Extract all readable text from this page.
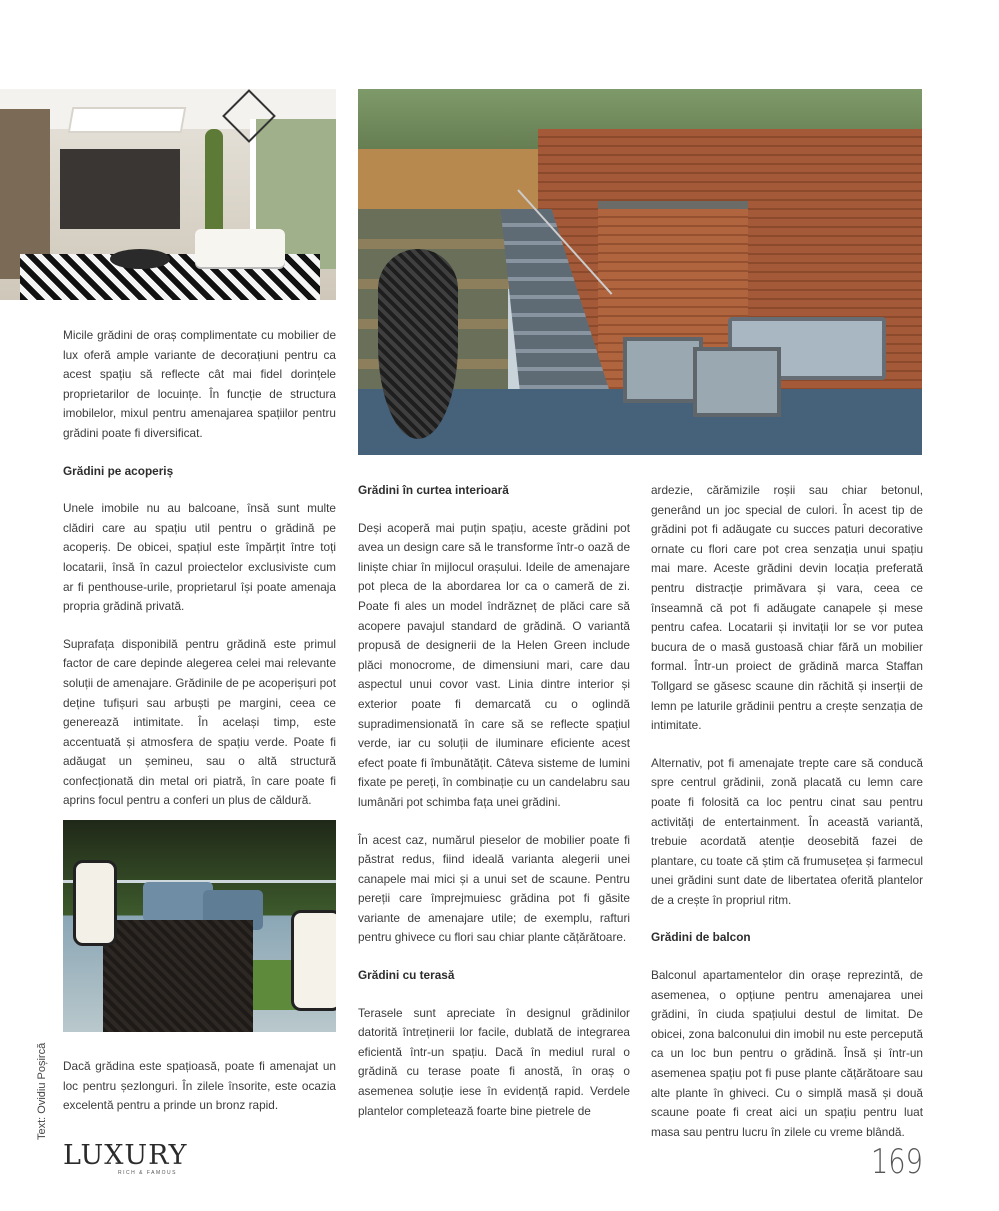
Micile grădini de oraș complimentate cu mobilier de lux oferă ample variante de decorațiuni pentru ca acest spațiu să reflecte cât mai fidel dorințele proprietarilor de locuințe. În funcție de structura imobilelor, mixul pentru amenajarea spațiilor pentru grădini poate fi diversificat.

Grădini pe acoperiș

Unele imobile nu au balcoane, însă sunt multe clădiri care au spațiu util pentru o grădină pe acoperiș. De obicei, spațiul este împărțit între toți locatarii, însă în cazul proiectelor exclusiviste cum ar fi penthouse-urile, proprietarul își poate amenaja propria grădină privată.

Suprafața disponibilă pentru grădină este primul factor de care depinde alegerea celei mai relevante soluții de amenajare. Grădinile de pe acoperișuri pot deține tufișuri sau arbuști pe margini, ceea ce generează intimitate. În același timp, este accentuată și atmosfera de spațiu verde. Poate fi adăugat un șemineu, sau o altă structură confecționată din metal ori piatră, în care poate fi aprins focul pentru a conferi un plus de căldură.

Dacă grădina este spațioasă, poate fi amenajat un loc pentru șezlonguri. În zilele însorite, este ocazia excelentă pentru a prinde un bronz rapid.

Grădini în curtea interioară

Deși acoperă mai puțin spațiu, aceste grădini pot avea un design care să le transforme într-o oază de liniște chiar în mijlocul orașului. Ideile de amenajare pot pleca de la abordarea lor ca o cameră de zi. Poate fi ales un model îndrăzneț de plăci care să acopere pavajul standard de grădină. O variantă propusă de designerii de la Helen Green include plăci monocrome, de dimensiuni mari, care dau aspectul unui covor vast. Linia dintre interior și exterior poate fi demarcată cu o oglindă supradimensionată în care să se reflecte spațiul verde, iar cu soluții de iluminare eficiente acest efect poate fi îmbunătățit. Câteva sisteme de lumini fixate pe pereți, în combinație cu un candelabru sau lumânări pot schimba fața unei grădini.

În acest caz, numărul pieselor de mobilier poate fi păstrat redus, fiind ideală varianta alegerii unei canapele mai mici și a unui set de scaune. Pentru pereții care împrejmuiesc grădina pot fi găsite variante de amenajare utile; de exemplu, rafturi pentru ghivece cu flori sau chiar plante cățărătoare.

Grădini cu terasă

Terasele sunt apreciate în designul grădinilor datorită întreținerii lor facile, dublată de integrarea eficientă într-un spațiu. Dacă în mediul rural o grădină cu terase poate fi anostă, în oraș o asemenea soluție iese în evidență rapid. Verdele plantelor completează foarte bine pietrele de

ardezie, cărămizile roșii sau chiar betonul, generând un joc special de culori. În acest tip de grădini pot fi adăugate cu succes paturi decorative ornate cu flori care pot crea senzația unui spațiu mai mare. Aceste grădini devin locația preferată pentru distracție primăvara și vara, ceea ce înseamnă că pot fi adăugate canapele și mese pentru cafea. Locatarii și invitații lor se vor putea bucura de o masă gustoasă chiar fără un mobilier formal. Într-un proiect de grădină marca Staffan Tollgard se găsesc scaune din răchită și inserții de lemn pe laturile grădinii pentru a crește senzația de intimitate.

Alternativ, pot fi amenajate trepte care să conducă spre centrul grădinii, zonă placată cu lemn care poate fi folosită ca loc pentru cinat sau pentru activități de entertainment. În această variantă, trebuie acordată atenție deosebită fazei de plantare, cu toate că știm că frumusețea și farmecul unei grădini sunt date de libertatea oferită plantelor de a crește în propriul ritm.

Grădini de balcon

Balconul apartamentelor din orașe reprezintă, de asemenea, o opțiune pentru amenajarea unei grădini, în ciuda spațiului destul de limitat. De obicei, zona balconului din imobil nu este percepută ca un loc bun pentru o grădină. Însă și într-un asemenea spațiu pot fi puse plante cățărătoare sau alte plante în ghiveci. Cu o simplă masă și două scaune poate fi creat aici un spațiu pentru luat masa sau pentru lucru în zilele cu vreme blândă.

Text: Ovidiu Poșircă
LUXURY
RICH & FAMOUS	169
